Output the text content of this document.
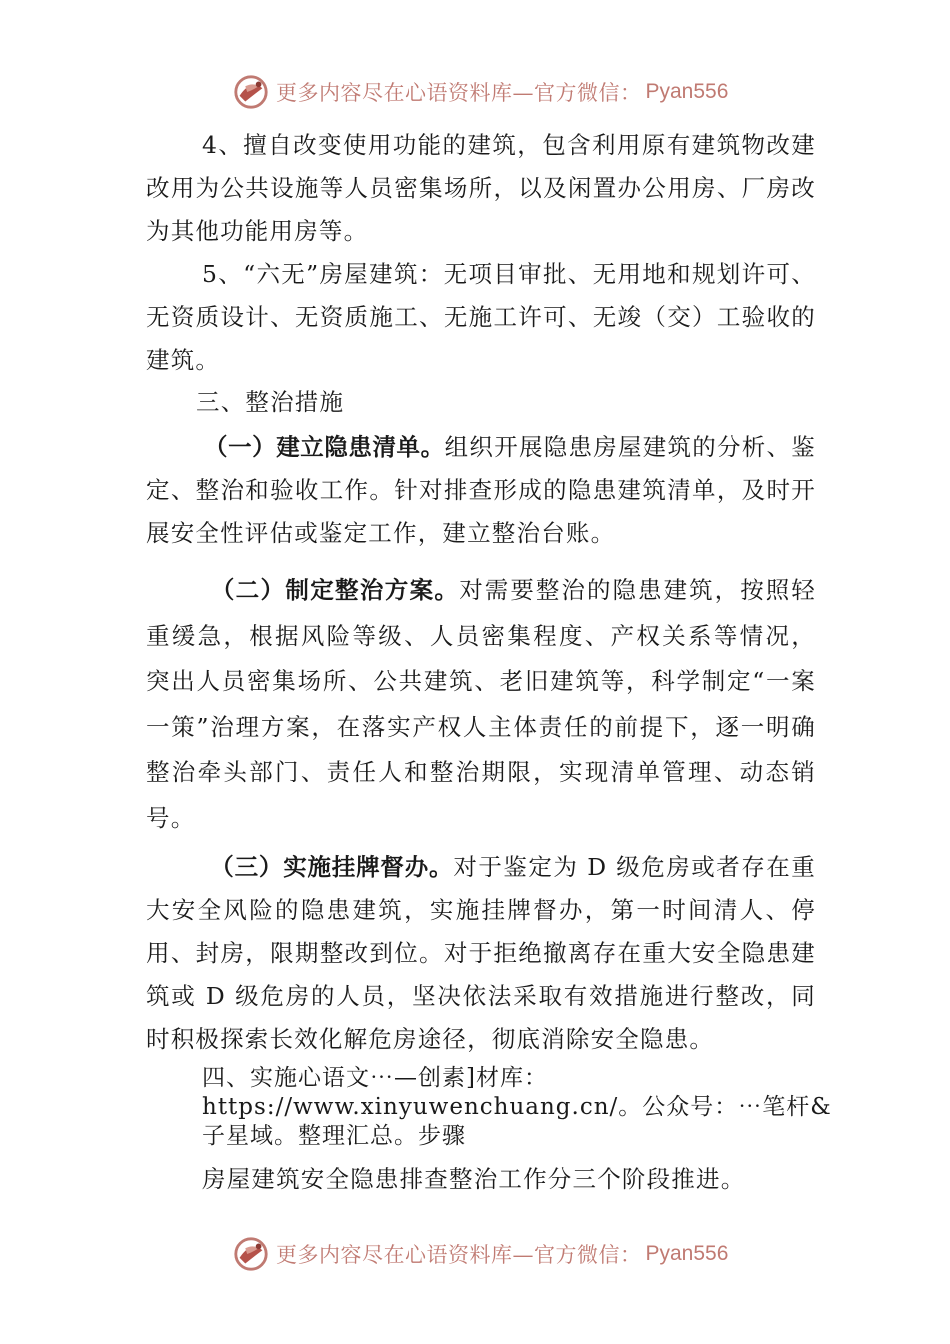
更多内容尽在心语资料库—官方微信： Pyan556

4、擅自改变使用功能的建筑，包含利用原有建筑物改建改用为公共设施等人员密集场所，以及闲置办公用房、厂房改为其他功能用房等。

5、“六无”房屋建筑：无项目审批、无用地和规划许可、无资质设计、无资质施工、无施工许可、无竣（交）工验收的建筑。

三、整治措施

（一）建立隐患清单。组织开展隐患房屋建筑的分析、鉴定、整治和验收工作。针对排查形成的隐患建筑清单，及时开展安全性评估或鉴定工作，建立整治台账。

（二）制定整治方案。对需要整治的隐患建筑，按照轻重缓急，根据风险等级、人员密集程度、产权关系等情况， 突出人员密集场所、公共建筑、老旧建筑等，科学制定“一案一策”治理方案，在落实产权人主体责任的前提下，逐一明确整治牵头部门、责任人和整治期限，实现清单管理、动态销号。

（三）实施挂牌督办。对于鉴定为 D 级危房或者存在重大安全风险的隐患建筑，实施挂牌督办，第一时间清人、停用、封房，限期整改到位。对于拒绝撤离存在重大安全隐患建筑或 D 级危房的人员，坚决依法采取有效措施进行整改，同时积极探索长效化解危房途径，彻底消除安全隐患。

四、实施心语文⋯—创素]材库：https://www.xinyuwenchuang.cn/。公众号：⋯笔杆&子星域。整理汇总。步骤

房屋建筑安全隐患排查整治工作分三个阶段推进。

更多内容尽在心语资料库—官方微信： Pyan556
